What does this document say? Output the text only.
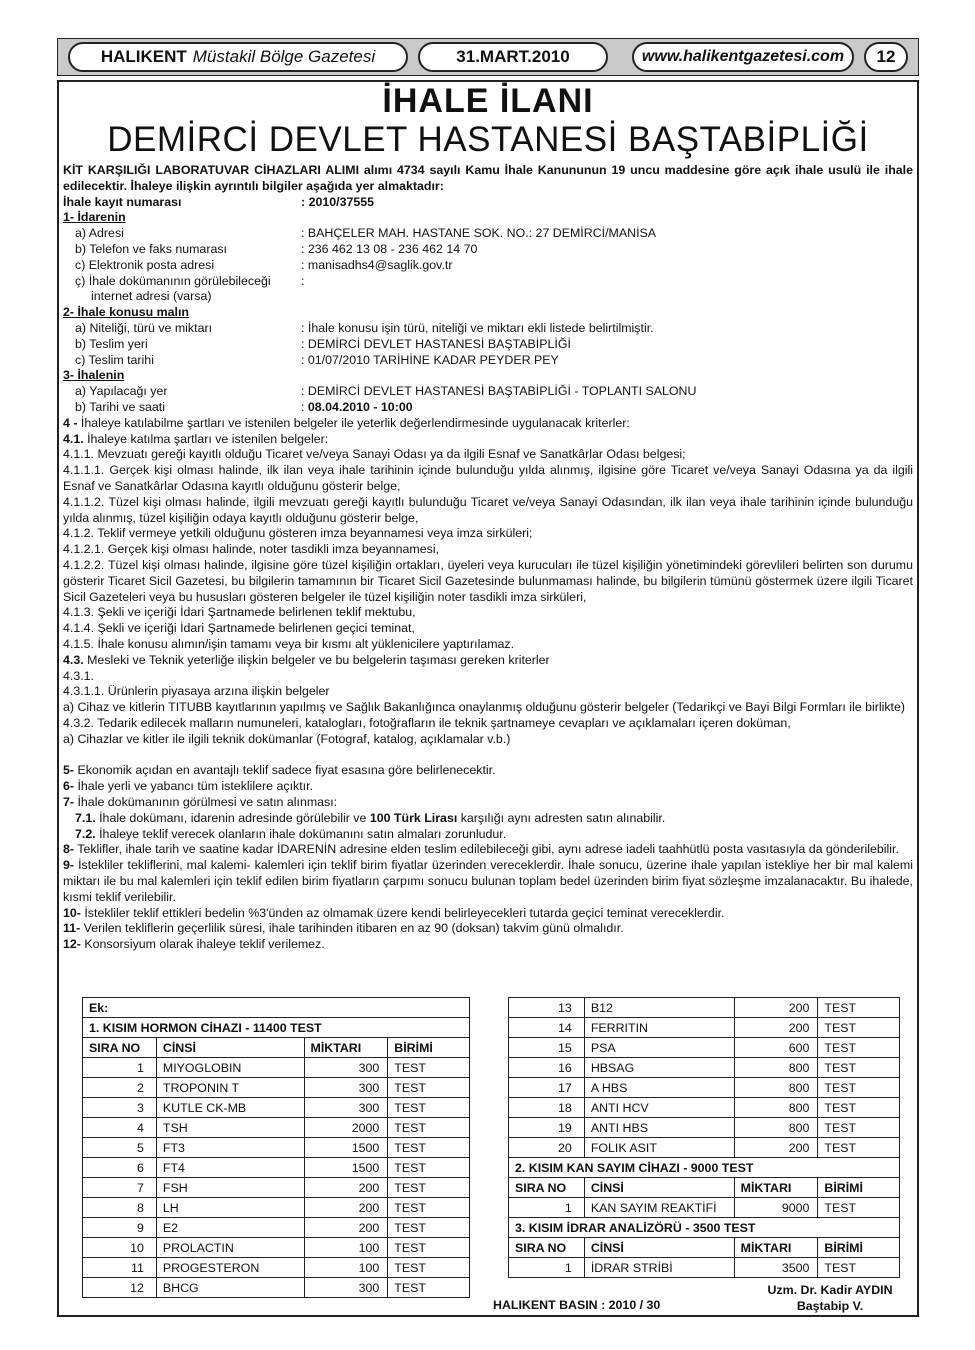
HALIKENT Müstakil Bölge Gazetesi	31.MART.2010	www.halikentgazetesi.com	12
İHALE İLANI
DEMİRCİ DEVLET HASTANESİ BAŞTABİPLİĞİ

KİT KARŞILIĞI LABORATUVAR CİHAZLARI ALIMI alımı 4734 sayılı Kamu İhale Kanununun 19 uncu maddesine göre açık ihale usulü ile ihale edilecektir. İhaleye ilişkin ayrıntılı bilgiler aşağıda yer almaktadır:

İhale kayıt numarası	: 2010/37555
1- İdarenin
a) Adresi	: BAHÇELER MAH. HASTANE SOK. NO.: 27 DEMİRCİ/MANİSA
b) Telefon ve faks numarası	: 236 462 13 08 - 236 462 14 70
c) Elektronik posta adresi	: manisadhs4@saglik.gov.tr
ç) İhale dokümanının görülebileceği	:
internet adresi (varsa)
2- İhale konusu malın
a) Niteliği, türü ve miktarı	: İhale konusu işin türü, niteliği ve miktarı ekli listede belirtilmiştir.
b) Teslim yeri	: DEMİRCİ DEVLET HASTANESİ BAŞTABİPLİĞİ
c) Teslim tarihi	: 01/07/2010 TARİHİNE KADAR PEYDER PEY
3- İhalenin
a) Yapılacağı yer	: DEMİRCİ DEVLET HASTANESİ BAŞTABİPLİĞİ - TOPLANTI SALONU
b) Tarihi ve saati	: 08.04.2010 - 10:00

4 - İhaleye katılabilme şartları ve istenilen belgeler ile yeterlik değerlendirmesinde uygulanacak kriterler:

4.1. İhaleye katılma şartları ve istenilen belgeler:

4.1.1. Mevzuatı gereği kayıtlı olduğu Ticaret ve/veya Sanayi Odası ya da ilgili Esnaf ve Sanatkârlar Odası belgesi;

4.1.1.1. Gerçek kişi olması halinde, ilk ilan veya ihale tarihinin içinde bulunduğu yılda alınmış, ilgisine göre Ticaret ve/veya Sanayi Odasına ya da ilgili Esnaf ve Sanatkârlar Odasına kayıtlı olduğunu gösterir belge,

4.1.1.2. Tüzel kişi olması halinde, ilgili mevzuatı gereği kayıtlı bulunduğu Ticaret ve/veya Sanayi Odasından, ilk ilan veya ihale tarihinin içinde bulunduğu yılda alınmış, tüzel kişiliğin odaya kayıtlı olduğunu gösterir belge,

4.1.2. Teklif vermeye yetkili olduğunu gösteren imza beyannamesi veya imza sirküleri;

4.1.2.1. Gerçek kişi olması halinde, noter tasdikli imza beyannamesi,

4.1.2.2. Tüzel kişi olması halinde, ilgisine göre tüzel kişiliğin ortakları, üyeleri veya kurucuları ile tüzel kişiliğin yönetimindeki görevlileri belirten son durumu gösterir Ticaret Sicil Gazetesi, bu bilgilerin tamamının bir Ticaret Sicil Gazetesinde bulunmaması halinde, bu bilgilerin tümünü göstermek üzere ilgili Ticaret Sicil Gazeteleri veya bu hususları gösteren belgeler ile tüzel kişiliğin noter tasdikli imza sirküleri,

4.1.3. Şekli ve içeriği İdari Şartnamede belirlenen teklif mektubu,

4.1.4. Şekli ve içeriği İdari Şartnamede belirlenen geçici teminat,

4.1.5. İhale konusu alımın/işin tamamı veya bir kısmı alt yüklenicilere yaptırılamaz.

4.3. Mesleki ve Teknik yeterliğe ilişkin belgeler ve bu belgelerin taşıması gereken kriterler

4.3.1.

4.3.1.1. Ürünlerin piyasaya arzına ilişkin belgeler

a) Cihaz ve kitlerin TITUBB kayıtlarının yapılmış ve Sağlık Bakanlığınca onaylanmış olduğunu gösterir belgeler (Tedarikçi ve Bayi Bilgi Formları ile birlikte)

4.3.2. Tedarik edilecek malların numuneleri, katalogları, fotoğrafların ile teknik şartnameye cevapları ve açıklamaları içeren doküman,

a) Cihazlar ve kitler ile ilgili teknik dokümanlar (Fotograf, katalog, açıklamalar v.b.)

5- Ekonomik açıdan en avantajlı teklif sadece fiyat esasına göre belirlenecektir.

6- İhale yerli ve yabancı tüm isteklilere açıktır.

7- İhale dokümanının görülmesi ve satın alınması:

7.1. İhale dokümanı, idarenin adresinde görülebilir ve 100 Türk Lirası karşılığı aynı adresten satın alınabilir.

7.2. İhaleye teklif verecek olanların ihale dokümanını satın almaları zorunludur.

8- Teklifler, ihale tarih ve saatine kadar İDARENİN adresine elden teslim edilebileceği gibi, aynı adrese iadeli taahhütlü posta vasıtasıyla da gönderilebilir.

9- İstekliler tekliflerini, mal kalemi- kalemleri için teklif birim fiyatlar üzerinden vereceklerdir. İhale sonucu, üzerine ihale yapılan istekliye her bir mal kalemi miktarı ile bu mal kalemleri için teklif edilen birim fiyatların çarpımı sonucu bulunan toplam bedel üzerinden birim fiyat sözleşme imzalanacaktır. Bu ihalede, kısmi teklif verilebilir.

10- İstekliler teklif ettikleri bedelin %3'ünden az olmamak üzere kendi belirleyecekleri tutarda geçici teminat vereceklerdir.

11- Verilen tekliflerin geçerlilik süresi, ihale tarihinden itibaren en az 90 (doksan) takvim günü olmalıdır.

12- Konsorsiyum olarak ihaleye teklif verilemez.

Ek:			
1. KISIM HORMON CİHAZI - 11400 TEST			
SIRA NO	CİNSİ	MİKTARI	BİRİMİ
1	MIYOGLOBIN	300	TEST
2	TROPONIN T	300	TEST
3	KUTLE CK-MB	300	TEST
4	TSH	2000	TEST
5	FT3	1500	TEST
6	FT4	1500	TEST
7	FSH	200	TEST
8	LH	200	TEST
9	E2	200	TEST
10	PROLACTIN	100	TEST
11	PROGESTERON	100	TEST
12	BHCG	300	TEST
13	B12	200	TEST
14	FERRITIN	200	TEST
15	PSA	600	TEST
16	HBSAG	800	TEST
17	A HBS	800	TEST
18	ANTI HCV	800	TEST
19	ANTI HBS	800	TEST
20	FOLIK ASIT	200	TEST
2. KISIM KAN SAYIM CİHAZI - 9000 TEST			
SIRA NO	CİNSİ	MİKTARI	BİRİMİ
1	KAN SAYIM REAKTİFİ	9000	TEST
3. KISIM İDRAR ANALİZÖRÜ - 3500 TEST			
SIRA NO	CİNSİ	MİKTARI	BİRİMİ
1	İDRAR STRİBİ	3500	TEST
Uzm. Dr. Kadir AYDIN
Baştabip V.
HALIKENT BASIN : 2010 / 30
